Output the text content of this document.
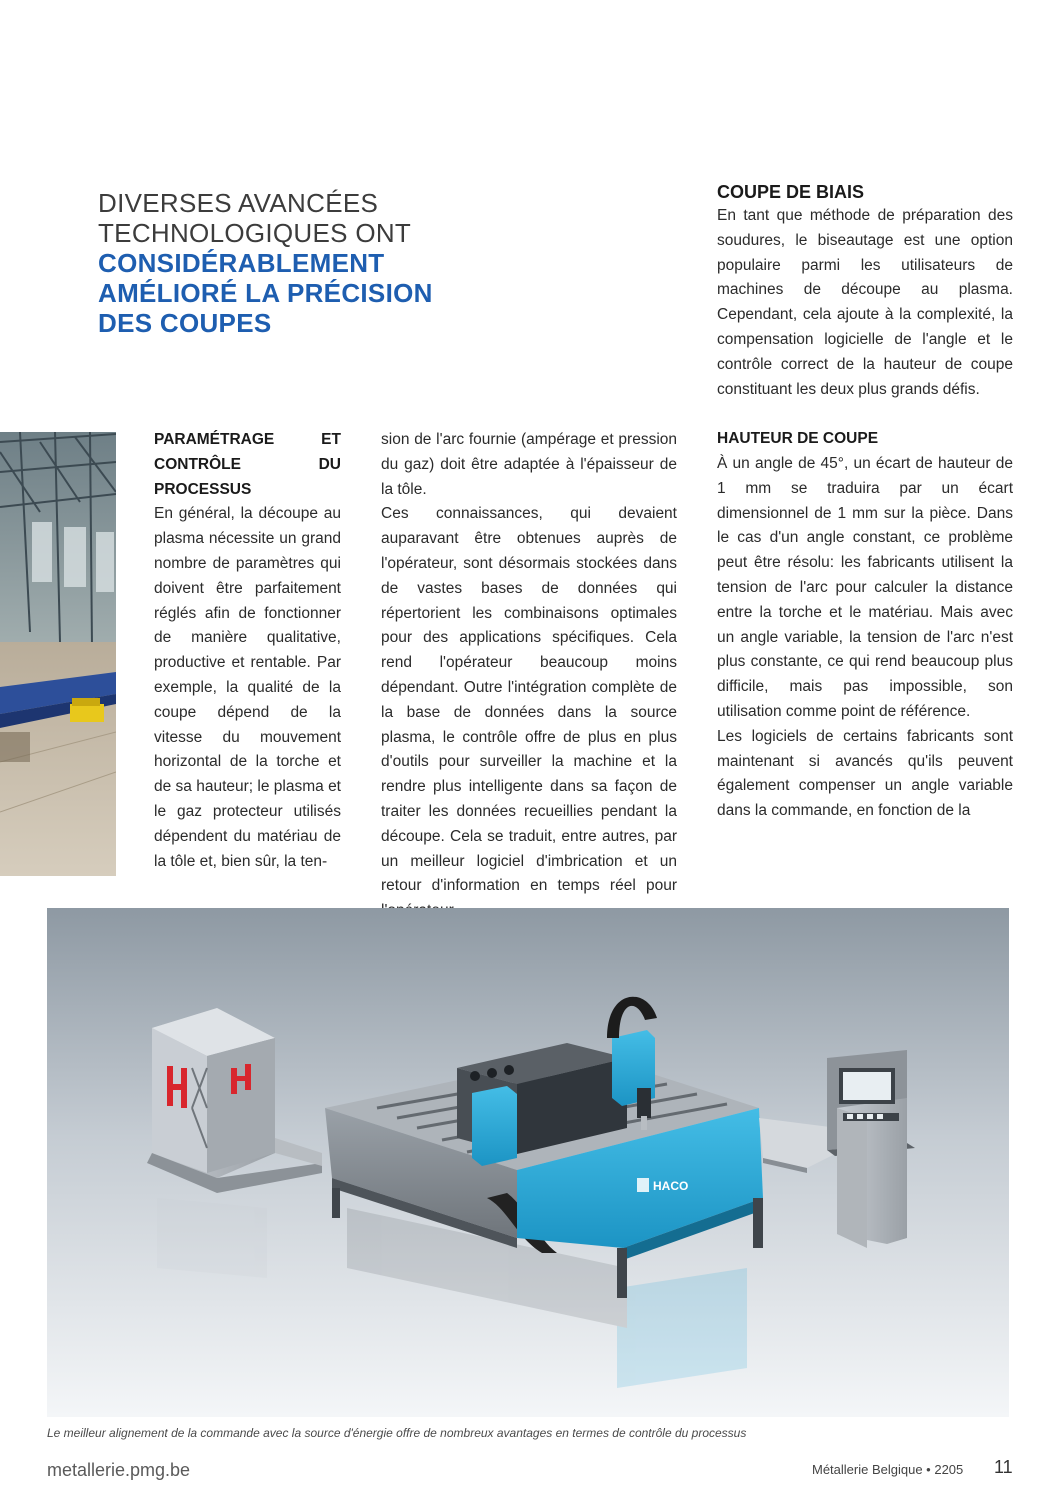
DIVERSES AVANCÉES
TECHNOLOGIQUES ONT
CONSIDÉRABLEMENT
AMÉLIORÉ LA PRÉCISION
DES COUPES
PARAMÉTRAGE ET CONTRÔLE DU PROCESSUS

En général, la découpe au plasma nécessite un grand nombre de paramètres qui doivent être parfaitement réglés afin de fonctionner de manière qualitative, productive et rentable. Par exemple, la qualité de la coupe dépend de la vitesse du mouvement horizontal de la torche et de sa hauteur; le plasma et le gaz protecteur utilisés dépendent du matériau de la tôle et, bien sûr, la ten-

sion de l'arc fournie (ampérage et pression du gaz) doit être adaptée à l'épaisseur de la tôle.

Ces connaissances, qui devaient auparavant être obtenues auprès de l'opérateur, sont désormais stockées dans de vastes bases de données qui répertorient les combinaisons optimales pour des applications spécifiques. Cela rend l'opérateur beaucoup moins dépendant. Outre l'intégration complète de la base de données dans la source plasma, le contrôle offre de plus en plus d'outils pour surveiller la machine et la rendre plus intelligente dans sa façon de traiter les données recueillies pendant la découpe. Cela se traduit, entre autres, par un meilleur logiciel d'imbrication et un retour d'information en temps réel pour

COUPE DE BIAIS

En tant que méthode de préparation des soudures, le biseautage est une option populaire parmi les utilisateurs de machines de découpe au plasma. Cependant, cela ajoute à la complexité, la compensation logicielle de l'angle et le contrôle correct de la hauteur de coupe constituant les deux plus grands défis.

HAUTEUR DE COUPE

À un angle de 45°, un écart de hauteur de 1 mm se traduira par un écart dimensionnel de 1 mm sur la pièce. Dans le cas d'un angle constant, ce problème peut être résolu: les fabricants utilisent la tension de l'arc pour calculer la distance entre la torche et le matériau. Mais avec un angle variable, la tension de l'arc n'est plus constante, ce qui rend beaucoup plus difficile, mais pas impossible, son utilisation comme point de référence.

Les logiciels de certains fabricants sont maintenant si avancés qu'ils peuvent également compenser un angle variable dans la commande, en fonction de la

HACO
Le meilleur alignement de la commande avec la source d'énergie offre de nombreux avantages en termes de contrôle du processus
metallerie.pmg.be	Métallerie Belgique • 2205 11
